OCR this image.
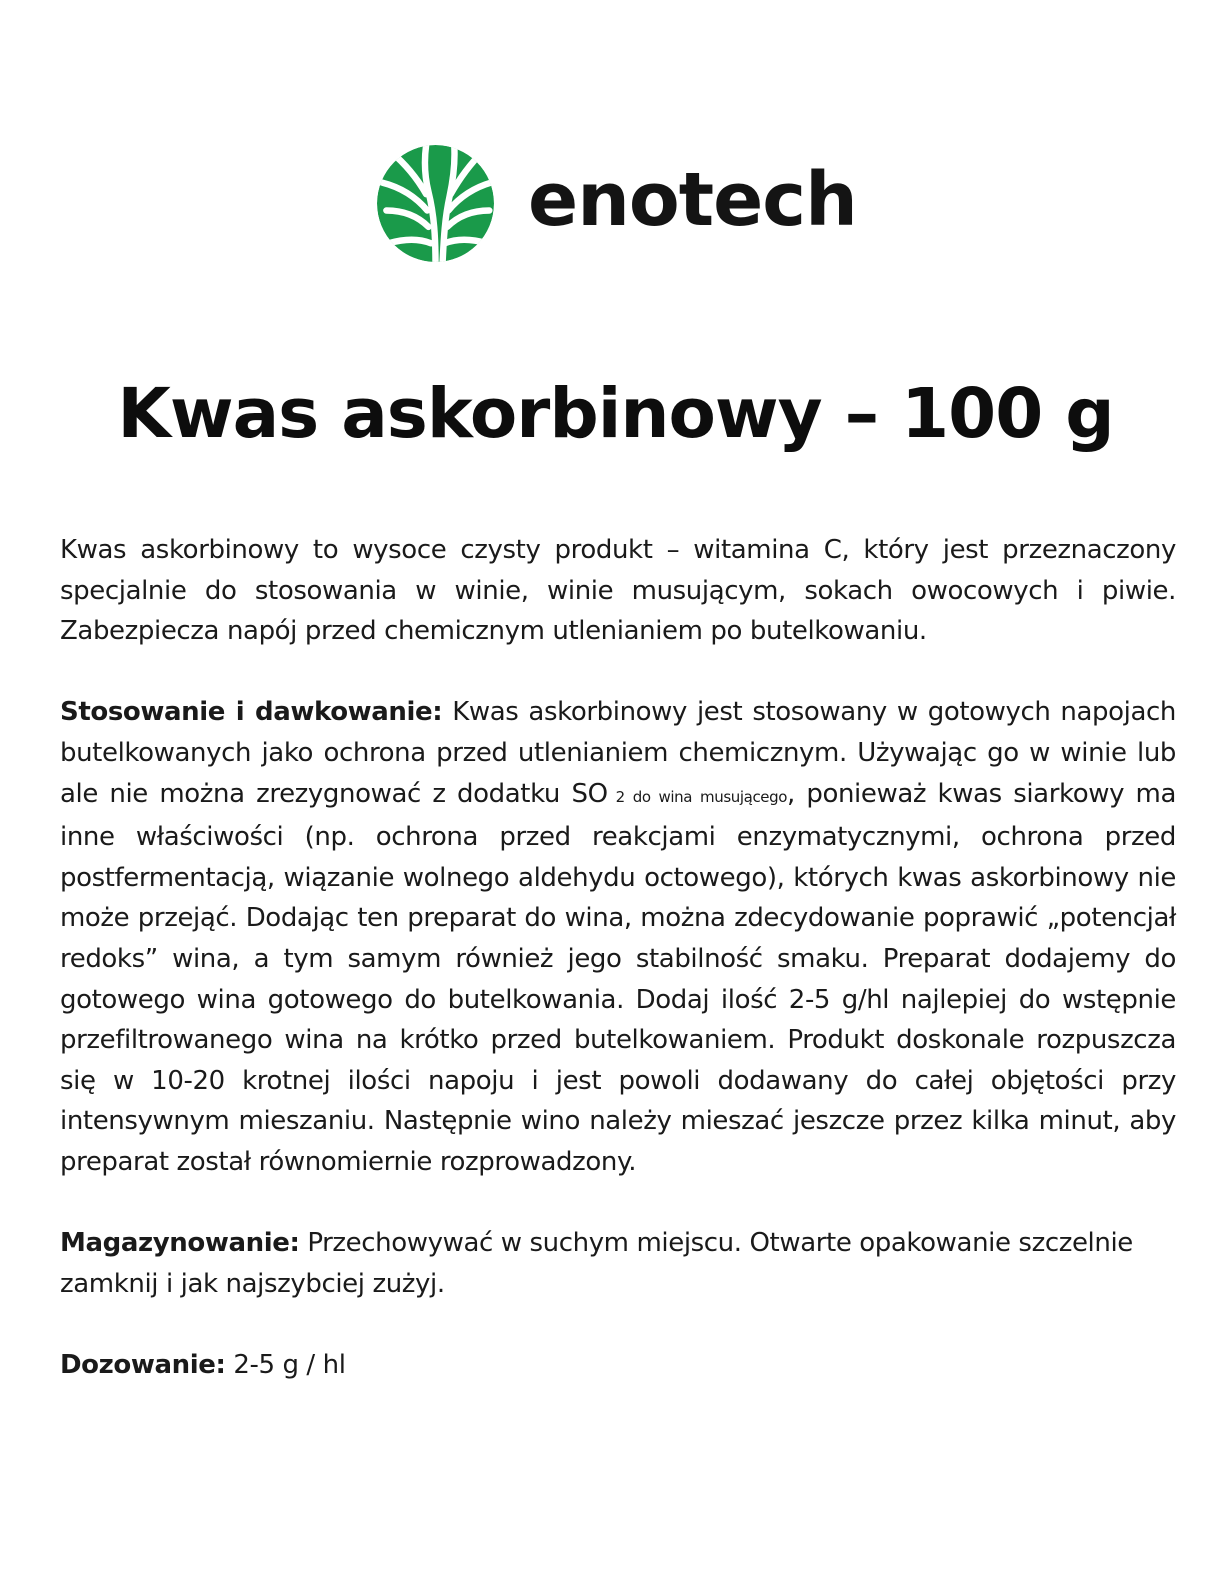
enotech
Kwas askorbinowy – 100 g

Kwas askorbinowy to wysoce czysty produkt – witamina C, który jest przeznaczony specjalnie do stosowania w winie, winie musującym, sokach owocowych i piwie. Zabezpiecza napój przed chemicznym utlenianiem po butelkowaniu.

Stosowanie i dawkowanie: Kwas askorbinowy jest stosowany w gotowych napojach butelkowanych jako ochrona przed utlenianiem chemicznym. Używając go w winie lub ale nie można zrezygnować z dodatku SO 2 do wina musującego, ponieważ kwas siarkowy ma inne właściwości (np. ochrona przed reakcjami enzymatycznymi, ochrona przed postfermentacją, wiązanie wolnego aldehydu octowego), których kwas askorbinowy nie może przejąć. Dodając ten preparat do wina, można zdecydowanie poprawić „potencjał redoks” wina, a tym samym również jego stabilność smaku. Preparat dodajemy do gotowego wina gotowego do butelkowania. Dodaj ilość 2-5 g/hl najlepiej do wstępnie przefiltrowanego wina na krótko przed butelkowaniem. Produkt doskonale rozpuszcza się w 10-20 krotnej ilości napoju i jest powoli dodawany do całej objętości przy intensywnym mieszaniu. Następnie wino należy mieszać jeszcze przez kilka minut, aby preparat został równomiernie rozprowadzony.

Magazynowanie: Przechowywać w suchym miejscu. Otwarte opakowanie szczelnie zamknij i jak najszybciej zużyj.

Dozowanie: 2-5 g / hl
